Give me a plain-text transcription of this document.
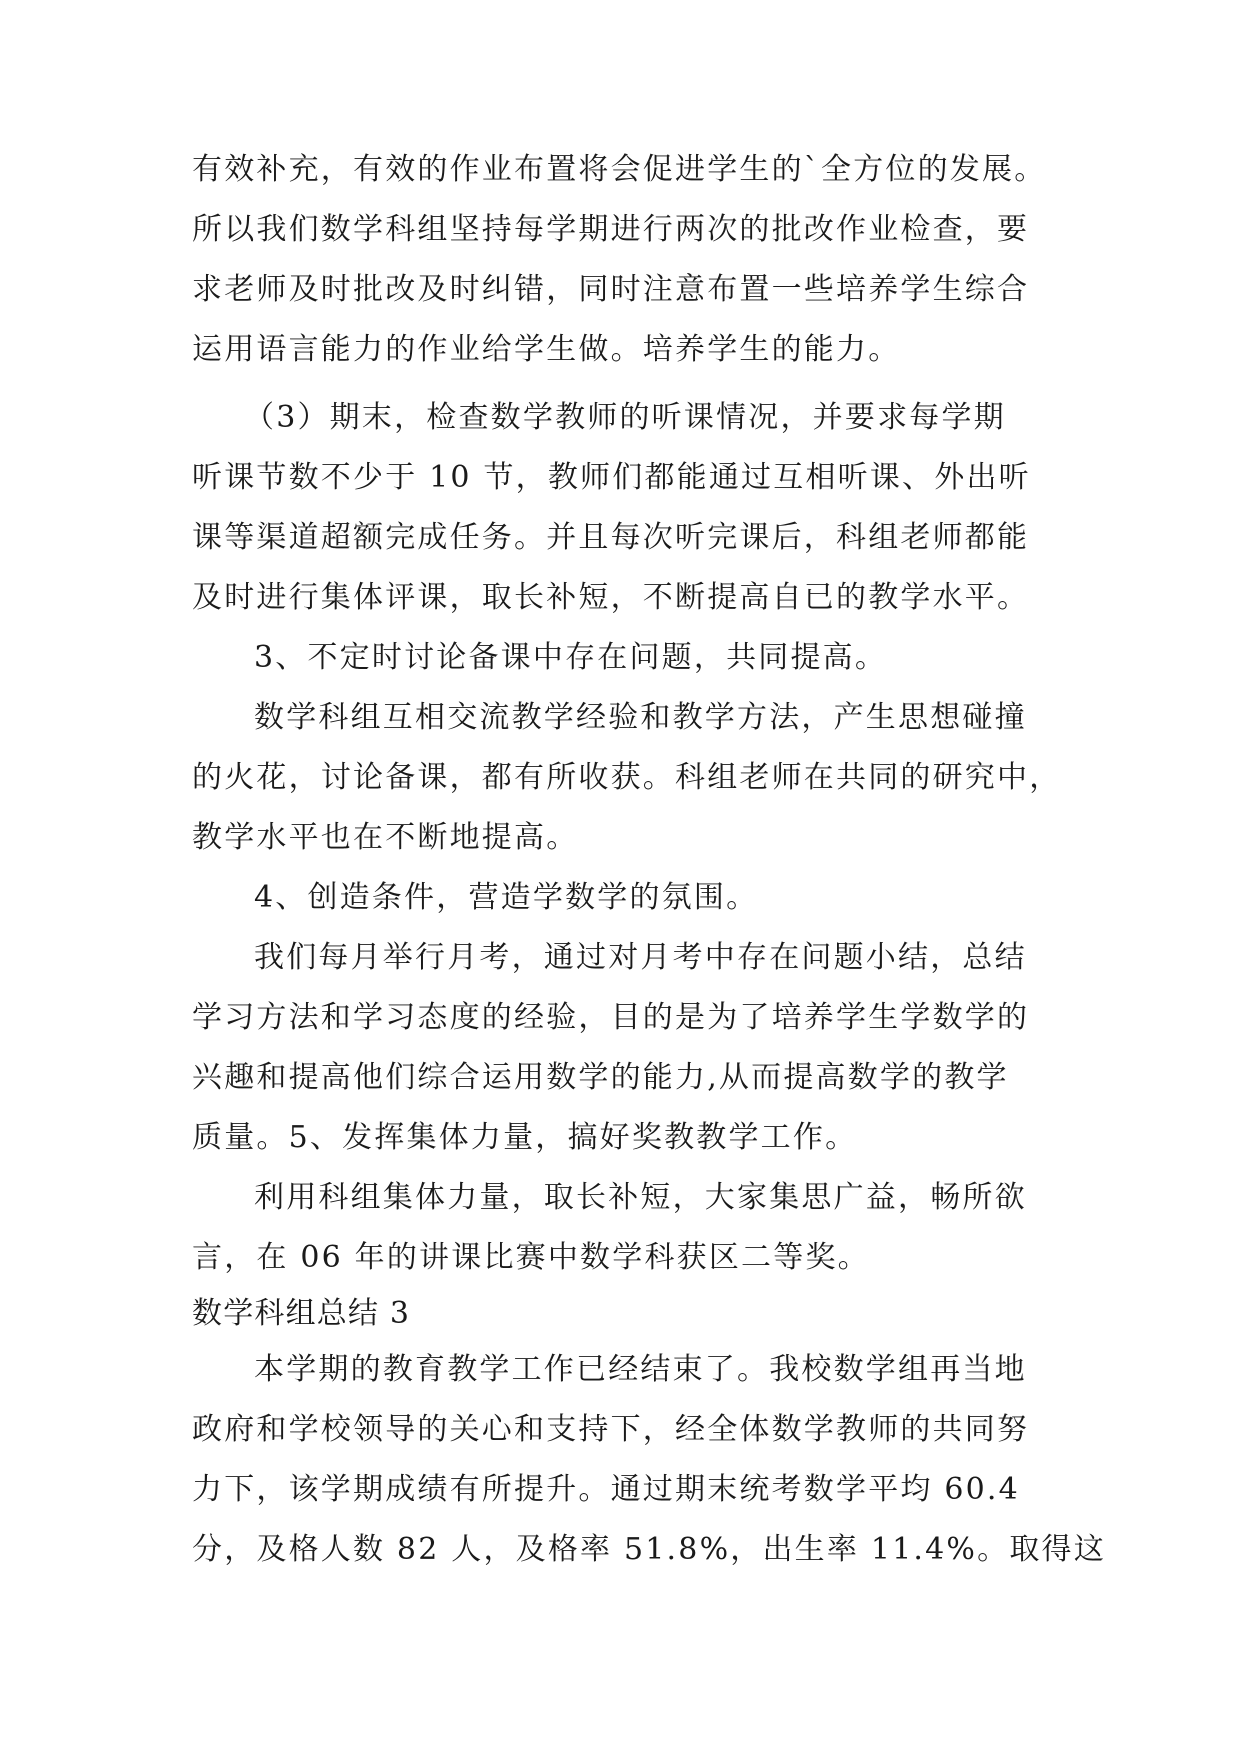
有效补充，有效的作业布置将会促进学生的`全方位的发展。
所以我们数学科组坚持每学期进行两次的批改作业检查，要
求老师及时批改及时纠错，同时注意布置一些培养学生综合
运用语言能力的作业给学生做。培养学生的能力。
（3）期末，检查数学教师的听课情况，并要求每学期
听课节数不少于 10 节，教师们都能通过互相听课、外出听
课等渠道超额完成任务。并且每次听完课后，科组老师都能
及时进行集体评课，取长补短，不断提高自已的教学水平。
3、不定时讨论备课中存在问题，共同提高。
数学科组互相交流教学经验和教学方法，产生思想碰撞
的火花，讨论备课，都有所收获。科组老师在共同的研究中，
教学水平也在不断地提高。
4、创造条件，营造学数学的氛围。
我们每月举行月考，通过对月考中存在问题小结，总结
学习方法和学习态度的经验，目的是为了培养学生学数学的
兴趣和提高他们综合运用数学的能力,从而提高数学的教学
质量。5、发挥集体力量，搞好奖教教学工作。
利用科组集体力量，取长补短，大家集思广益，畅所欲
言，在 06 年的讲课比赛中数学科获区二等奖。
数学科组总结 3
本学期的教育教学工作已经结束了。我校数学组再当地
政府和学校领导的关心和支持下，经全体数学教师的共同努
力下，该学期成绩有所提升。通过期末统考数学平均 60.4
分，及格人数 82 人，及格率 51.8%，出生率 11.4%。取得这
